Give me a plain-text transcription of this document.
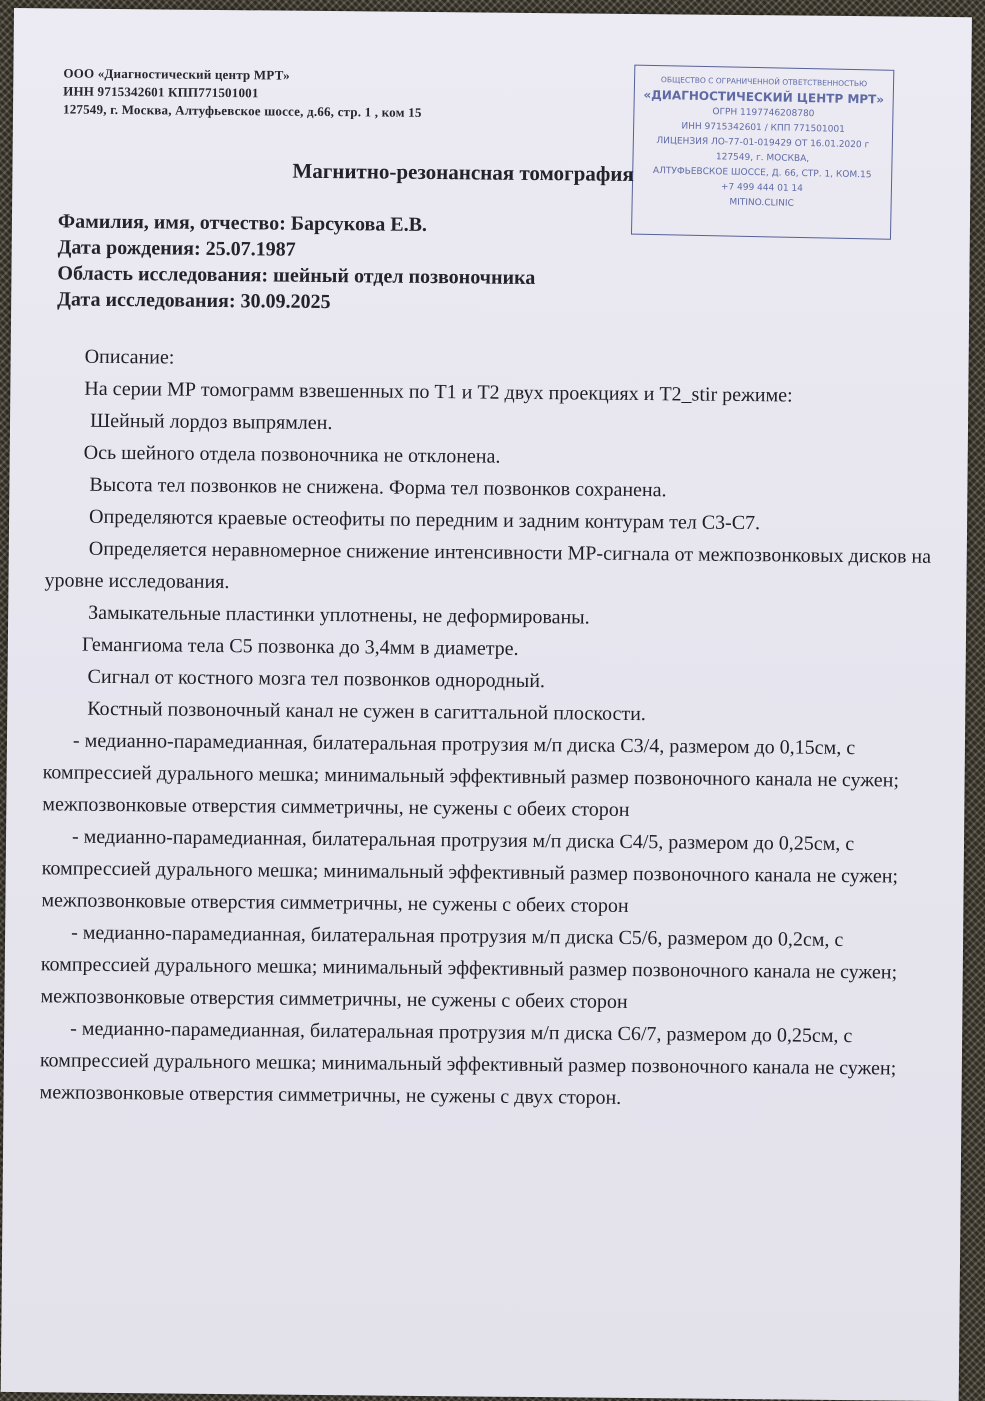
ООО «Диагностический центр МРТ»
ИНН 9715342601 КПП771501001
127549, г. Москва, Алтуфьевское шоссе, д.66, стр. 1 , ком 15
ОБЩЕСТВО С ОГРАНИЧЕННОЙ ОТВЕТСТВЕННОСТЬЮ
«ДИАГНОСТИЧЕСКИЙ ЦЕНТР МРТ»
ОГРН 1197746208780
ИНН 9715342601 / КПП 771501001
ЛИЦЕНЗИЯ ЛО-77-01-019429 ОТ 16.01.2020 г
127549, г. МОСКВА,
АЛТУФЬЕВСКОЕ ШОССЕ, Д. 66, СТР. 1, КОМ.15
+7 499 444 01 14
MITINO.CLINIC
Магнитно-резонансная томография
Фамилия, имя, отчество: Барсукова Е.В.
Дата рождения: 25.07.1987
Область исследования: шейный отдел позвоночника
Дата исследования: 30.09.2025

Описание:

На серии МР томограмм взвешенных по Т1 и Т2 двух проекциях и T2_stir режиме:

Шейный лордоз выпрямлен.

Ось шейного отдела позвоночника не отклонена.

Высота тел позвонков не снижена. Форма тел позвонков сохранена.

Определяются краевые остеофиты по передним и задним контурам тел С3-С7.

Определяется неравномерное снижение интенсивности МР-сигнала от межпозвонковых дисков на уровне исследования.

Замыкательные пластинки уплотнены, не деформированы.

Гемангиома тела С5 позвонка до 3,4мм в диаметре.

Сигнал от костного мозга тел позвонков однородный.

Костный позвоночный канал не сужен в сагиттальной плоскости.

- медианно-парамедианная, билатеральная протрузия м/п диска С3/4, размером до 0,15см, с компрессией дурального мешка; минимальный эффективный размер позвоночного канала не сужен; межпозвонковые отверстия симметричны, не сужены с обеих сторон

- медианно-парамедианная, билатеральная протрузия м/п диска С4/5, размером до 0,25см, с компрессией дурального мешка; минимальный эффективный размер позвоночного канала не сужен; межпозвонковые отверстия симметричны, не сужены с обеих сторон

- медианно-парамедианная, билатеральная протрузия м/п диска С5/6, размером до 0,2см, с компрессией дурального мешка; минимальный эффективный размер позвоночного канала не сужен; межпозвонковые отверстия симметричны, не сужены с обеих сторон

- медианно-парамедианная, билатеральная протрузия м/п диска С6/7, размером до 0,25см, с компрессией дурального мешка; минимальный эффективный размер позвоночного канала не сужен; межпозвонковые отверстия симметричны, не сужены с двух сторон.
